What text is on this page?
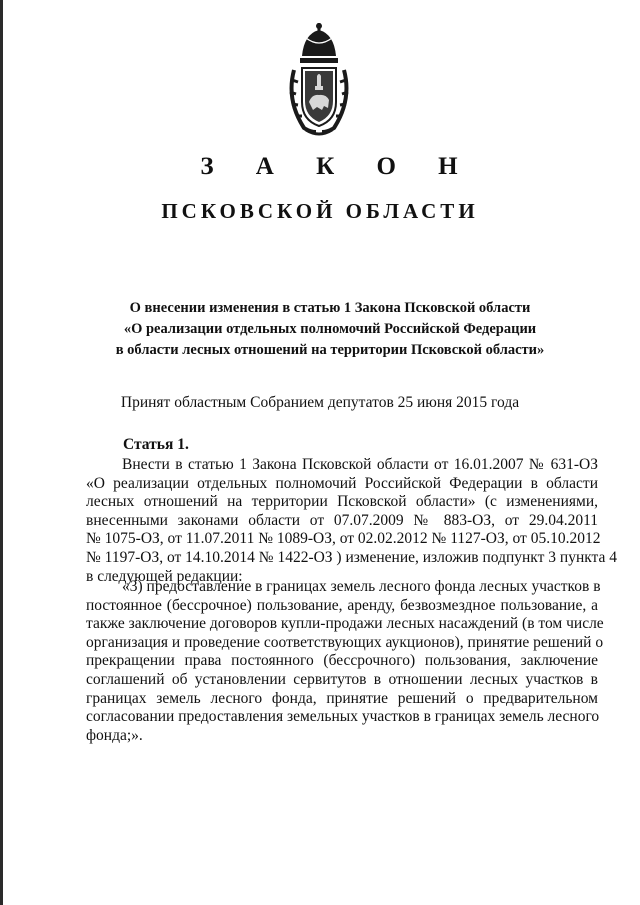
З А К О Н
ПСКОВСКОЙ ОБЛАСТИ
О внесении изменения в статью 1 Закона Псковской области
«О реализации отдельных полномочий Российской Федерации
в области лесных отношений на территории Псковской области»
Принят областным Собранием депутатов 25 июня 2015 года
Статья 1.
Внести в статью 1 Закона Псковской области от 16.01.2007 № 631-ОЗ
«О реализации отдельных полномочий Российской Федерации в области
лесных отношений на территории Псковской области» (с изменениями,
внесенными законами области от 07.07.2009 № 883-ОЗ, от 29.04.2011
№ 1075-ОЗ, от 11.07.2011 № 1089-ОЗ, от 02.02.2012 № 1127-ОЗ, от 05.10.2012
№ 1197-ОЗ, от 14.10.2014 № 1422-ОЗ ) изменение, изложив подпункт 3 пункта 4
в следующей редакции:
«3) предоставление в границах земель лесного фонда лесных участков в
постоянное (бессрочное) пользование, аренду, безвозмездное пользование, а
также заключение договоров купли-продажи лесных насаждений (в том числе
организация и проведение соответствующих аукционов), принятие решений о
прекращении права постоянного (бессрочного) пользования, заключение
соглашений об установлении сервитутов в отношении лесных участков в
границах земель лесного фонда, принятие решений о предварительном
согласовании предоставления земельных участков в границах земель лесного
фонда;».
